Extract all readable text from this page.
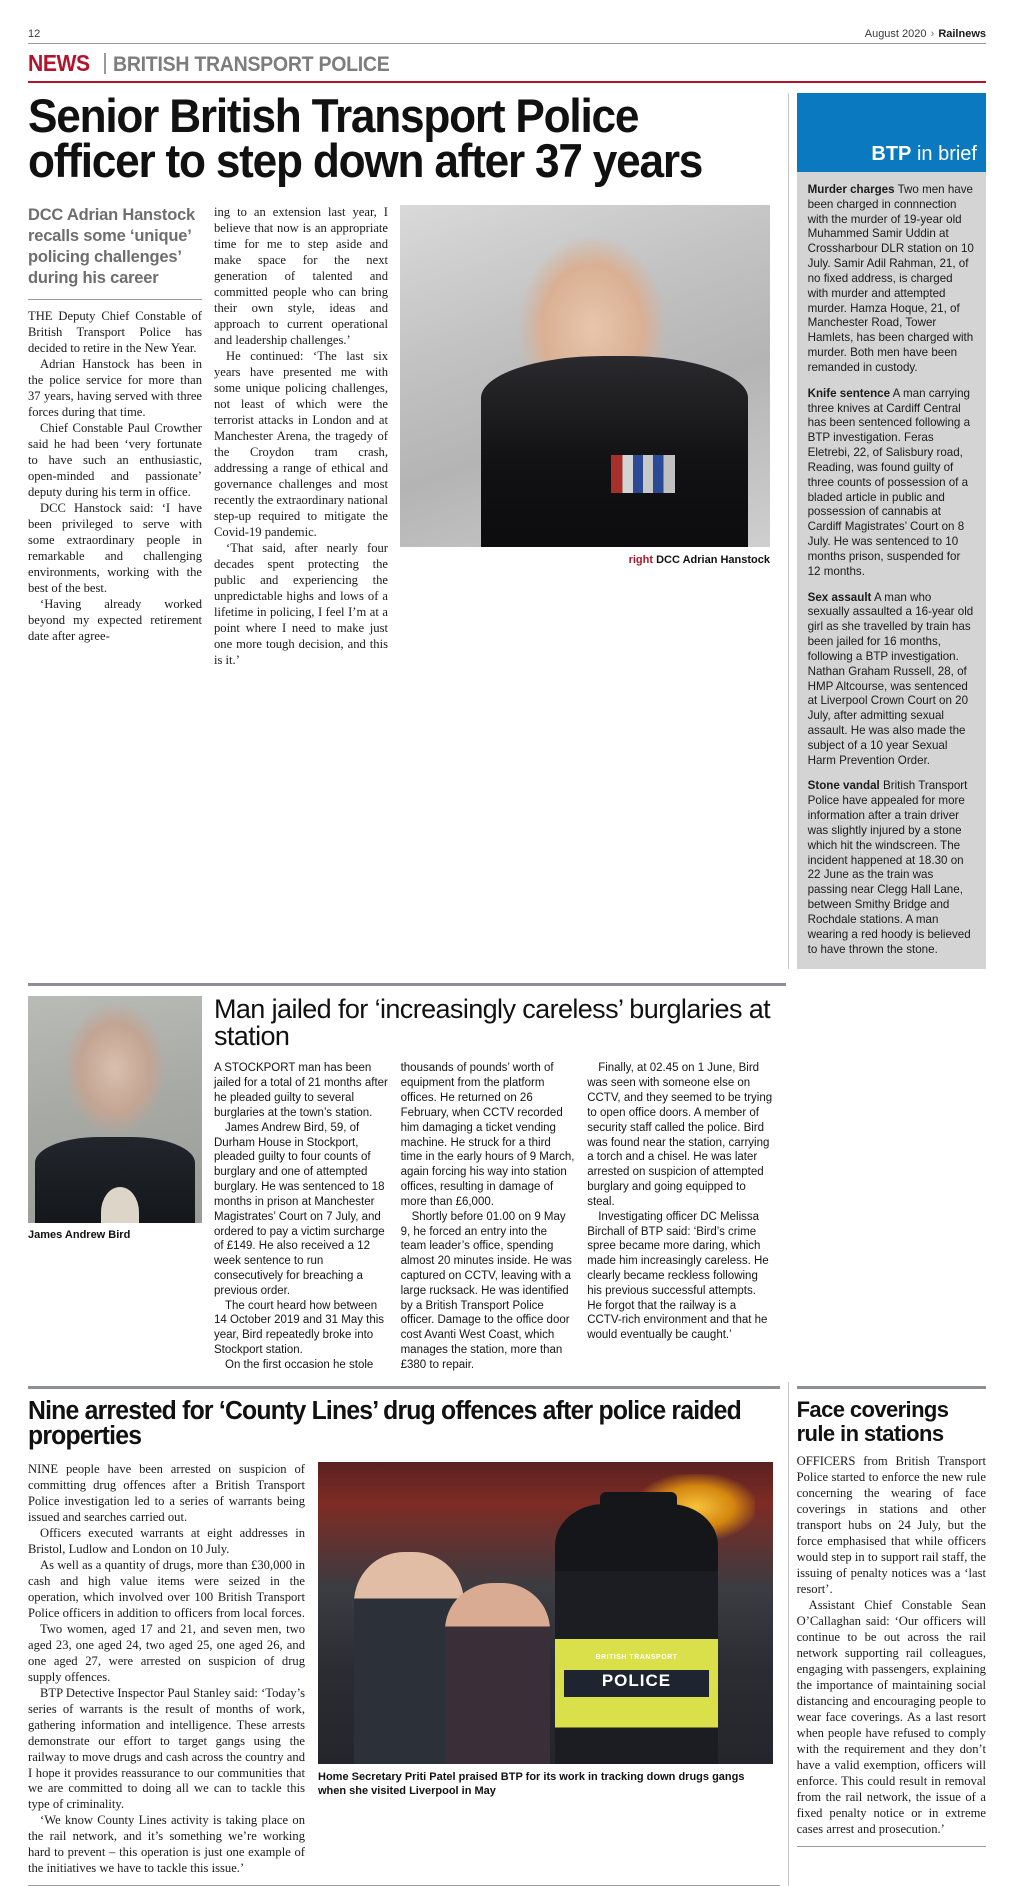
12	August 2020 › Railnews
NEWS BRITISH TRANSPORT POLICE
Senior British Transport Police officer to step down after 37 years
DCC Adrian Hanstock recalls some ‘unique’ policing challenges’ during his career

THE Deputy Chief Constable of British Transport Police has decided to retire in the New Year.

Adrian Hanstock has been in the police service for more than 37 years, having served with three forces during that time.

Chief Constable Paul Crowther said he had been ‘very fortunate to have such an enthusiastic, open-minded and passionate’ deputy during his term in office.

DCC Hanstock said: ‘I have been privileged to serve with some extraordinary people in remarkable and challenging environments, working with the best of the best.

‘Having already worked beyond my expected retirement date after agree-

ing to an extension last year, I believe that now is an appropriate time for me to step aside and make space for the next generation of talented and committed people who can bring their own style, ideas and approach to current operational and leadership challenges.’

He continued: ‘The last six years have presented me with some unique policing challenges, not least of which were the terrorist attacks in London and at Manchester Arena, the tragedy of the Croydon tram crash, addressing a range of ethical and governance challenges and most recently the extraordinary national step-up required to mitigate the Covid-19 pandemic.

‘That said, after nearly four decades spent protecting the public and experiencing the unpredictable highs and lows of a lifetime in policing, I feel I’m at a point where I need to make just one more tough decision, and this is it.’

right DCC Adrian Hanstock
BTP in brief

Murder charges Two men have been charged in connnection with the murder of 19-year old Muhammed Samir Uddin at Crossharbour DLR station on 10 July. Samir Adil Rahman, 21, of no fixed address, is charged with murder and attempted murder. Hamza Hoque, 21, of Manchester Road, Tower Hamlets, has been charged with murder. Both men have been remanded in custody.

Knife sentence A man carrying three knives at Cardiff Central has been sentenced following a BTP investigation. Feras Eletrebi, 22, of Salisbury road, Reading, was found guilty of three counts of possession of a bladed article in public and possession of cannabis at Cardiff Magistrates’ Court on 8 July. He was sentenced to 10 months prison, suspended for 12 months.

Sex assault A man who sexually assaulted a 16-year old girl as she travelled by train has been jailed for 16 months, following a BTP investigation. Nathan Graham Russell, 28, of HMP Altcourse, was sentenced at Liverpool Crown Court on 20 July, after admitting sexual assault. He was also made the subject of a 10 year Sexual Harm Prevention Order.

Stone vandal British Transport Police have appealed for more information after a train driver was slightly injured by a stone which hit the windscreen. The incident happened at 18.30 on 22 June as the train was passing near Clegg Hall Lane, between Smithy Bridge and Rochdale stations. A man wearing a red hoody is believed to have thrown the stone.

James Andrew Bird
Man jailed for ‘increasingly careless’ burglaries at station

A STOCKPORT man has been jailed for a total of 21 months after he pleaded guilty to several burglaries at the town’s station.

James Andrew Bird, 59, of Durham House in Stockport, pleaded guilty to four counts of burglary and one of attempted burglary. He was sentenced to 18 months in prison at Manchester Magistrates’ Court on 7 July, and ordered to pay a victim surcharge of £149. He also received a 12 week sentence to run consecutively for breaching a previous order.

The court heard how between 14 October 2019 and 31 May this year, Bird repeatedly broke into Stockport station.

On the first occasion he stole

thousands of pounds’ worth of equipment from the platform offices. He returned on 26 February, when CCTV recorded him damaging a ticket vending machine. He struck for a third time in the early hours of 9 March, again forcing his way into station offices, resulting in damage of more than £6,000.

Shortly before 01.00 on 9 May 9, he forced an entry into the team leader’s office, spending almost 20 minutes inside. He was captured on CCTV, leaving with a large rucksack. He was identified by a British Transport Police officer. Damage to the office door cost Avanti West Coast, which manages the station, more than £380 to repair.

Finally, at 02.45 on 1 June, Bird was seen with someone else on CCTV, and they seemed to be trying to open office doors. A member of security staff called the police. Bird was found near the station, carrying a torch and a chisel. He was later arrested on suspicion of attempted burglary and going equipped to steal.

Investigating officer DC Melissa Birchall of BTP said: ‘Bird’s crime spree became more daring, which made him increasingly careless. He clearly became reckless following his previous successful attempts. He forgot that the railway is a CCTV-rich environment and that he would eventually be caught.’

Nine arrested for ‘County Lines’ drug offences after police raided properties

NINE people have been arrested on suspicion of committing drug offences after a British Transport Police investigation led to a series of warrants being issued and searches carried out.

Officers executed warrants at eight addresses in Bristol, Ludlow and London on 10 July.

As well as a quantity of drugs, more than £30,000 in cash and high value items were seized in the operation, which involved over 100 British Transport Police officers in addition to officers from local forces.

Two women, aged 17 and 21, and seven men, two aged 23, one aged 24, two aged 25, one aged 26, and one aged 27, were arrested on suspicion of drug supply offences.

BTP Detective Inspector Paul Stanley said: ‘Today’s series of warrants is the result of months of work, gathering information and intelligence. These arrests demonstrate our effort to target gangs using the railway to move drugs and cash across the country and I hope it provides reassurance to our communities that we are committed to doing all we can to tackle this type of criminality.

‘We know County Lines activity is taking place on the rail network, and it’s something we’re working hard to prevent – this operation is just one example of the initiatives we have to tackle this issue.’

BRITISH TRANSPORT
POLICE
Home Secretary Priti Patel praised BTP for its work in tracking down drugs gangs when she visited Liverpool in May
Face coverings rule in stations

OFFICERS from British Transport Police started to enforce the new rule concerning the wearing of face coverings in stations and other transport hubs on 24 July, but the force emphasised that while officers would step in to support rail staff, the issuing of penalty notices was a ‘last resort’.

Assistant Chief Constable Sean O’Callaghan said: ‘Our officers will continue to be out across the rail network supporting rail colleagues, engaging with passengers, explaining the importance of maintaining social distancing and encouraging people to wear face coverings. As a last resort when people have refused to comply with the requirement and they don’t have a valid exemption, officers will enforce. This could result in removal from the rail network, the issue of a fixed penalty notice or in extreme cases arrest and prosecution.’
